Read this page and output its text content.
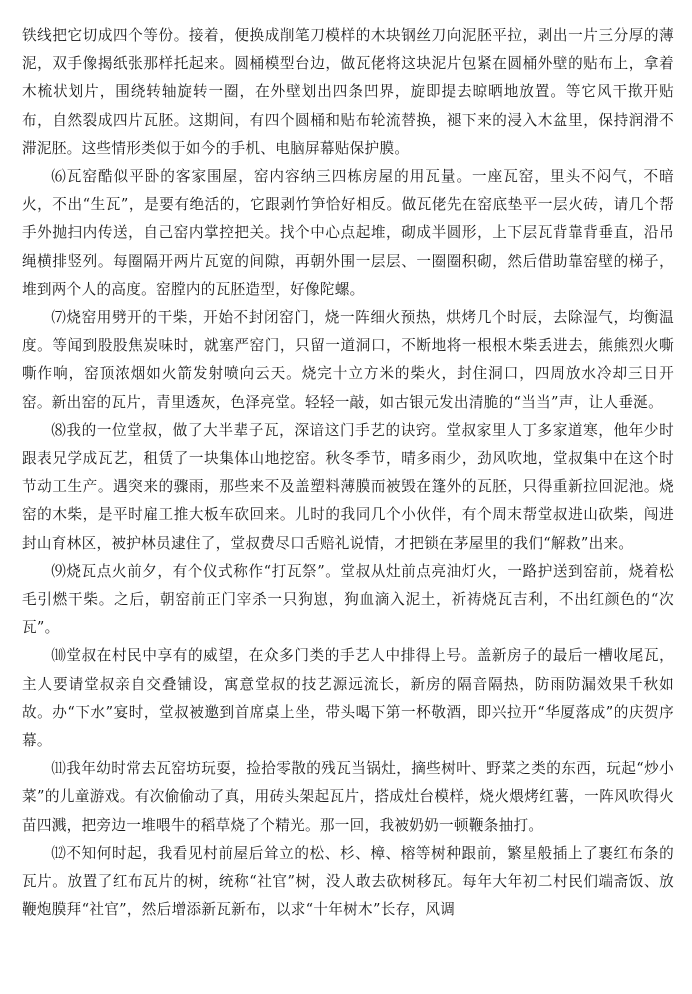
铁线把它切成四个等份。接着，便换成削笔刀模样的木块钢丝刀向泥胚平拉，剥出一片三分厚的薄泥，双手像揭纸张那样托起来。圆桶模型台边，做瓦佬将这块泥片包紧在圆桶外壁的贴布上，拿着木梳状划片，围绕转轴旋转一圈，在外壁划出四条凹界，旋即提去晾晒地放置。等它风干揿开贴布，自然裂成四片瓦胚。这期间，有四个圆桶和贴布轮流替换，褪下来的浸入木盆里，保持润滑不滞泥胚。这些情形类似于如今的手机、电脑屏幕贴保护膜。

⑹瓦窑酷似平卧的客家围屋，窑内容纳三四栋房屋的用瓦量。一座瓦窑，里头不闷气，不暗火，不出“生瓦”，是要有绝活的，它跟剥竹笋恰好相反。做瓦佬先在窑底垫平一层火砖，请几个帮手外抛扫内传送，自己窑内掌控把关。找个中心点起堆，砌成半圆形，上下层瓦背靠背垂直，沿吊绳横排竖列。每圈隔开两片瓦宽的间隙，再朝外围一层层、一圈圈积砌，然后借助靠窑壁的梯子，堆到两个人的高度。窑膛内的瓦胚造型，好像陀螺。

⑺烧窑用劈开的干柴，开始不封闭窑门，烧一阵细火预热，烘烤几个时辰，去除湿气，均衡温度。等闻到股股焦炭味时，就塞严窑门，只留一道洞口，不断地将一根根木柴丢进去，熊熊烈火嘶嘶作响，窑顶浓烟如火箭发射喷向云天。烧完十立方米的柴火，封住洞口，四周放水冷却三日开窑。新出窑的瓦片，青里透灰，色泽亮堂。轻轻一敲，如古银元发出清脆的“当当”声，让人垂涎。

⑻我的一位堂叔，做了大半辈子瓦，深谙这门手艺的诀窍。堂叔家里人丁多家道寒，他年少时跟表兄学成瓦艺，租赁了一块集体山地挖窑。秋冬季节，晴多雨少，劲风吹地，堂叔集中在这个时节动工生产。遇突来的骤雨，那些来不及盖塑料薄膜而被毁在篷外的瓦胚，只得重新拉回泥池。烧窑的木柴，是平时雇工推大板车砍回来。儿时的我同几个小伙伴，有个周末帮堂叔进山砍柴，闯进封山育林区，被护林员逮住了，堂叔费尽口舌赔礼说情，才把锁在茅屋里的我们“解救”出来。

⑼烧瓦点火前夕，有个仪式称作“打瓦祭”。堂叔从灶前点亮油灯火，一路护送到窑前，烧着松毛引燃干柴。之后，朝窑前正门宰杀一只狗崽，狗血滴入泥土，祈祷烧瓦吉利，不出红颜色的“次瓦”。

⑽堂叔在村民中享有的威望，在众多门类的手艺人中排得上号。盖新房子的最后一槽收尾瓦，主人要请堂叔亲自交叠铺设，寓意堂叔的技艺源远流长，新房的隔音隔热，防雨防漏效果千秋如故。办“下水”宴时，堂叔被邀到首席桌上坐，带头喝下第一杯敬酒，即兴拉开“华厦落成”的庆贺序幕。

⑾我年幼时常去瓦窑坊玩耍，捡拾零散的残瓦当锅灶，摘些树叶、野菜之类的东西，玩起“炒小菜”的儿童游戏。有次偷偷动了真，用砖头架起瓦片，搭成灶台模样，烧火煨烤红薯，一阵风吹得火苗四溅，把旁边一堆喂牛的稻草烧了个精光。那一回，我被奶奶一顿鞭条抽打。

⑿不知何时起，我看见村前屋后耸立的松、杉、樟、榕等树种跟前，繁星般插上了裹红布条的瓦片。放置了红布瓦片的树，统称“社官”树，没人敢去砍树移瓦。每年大年初二村民们端斋饭、放鞭炮膜拜“社官”，然后增添新瓦新布，以求“十年树木”长存，风调
